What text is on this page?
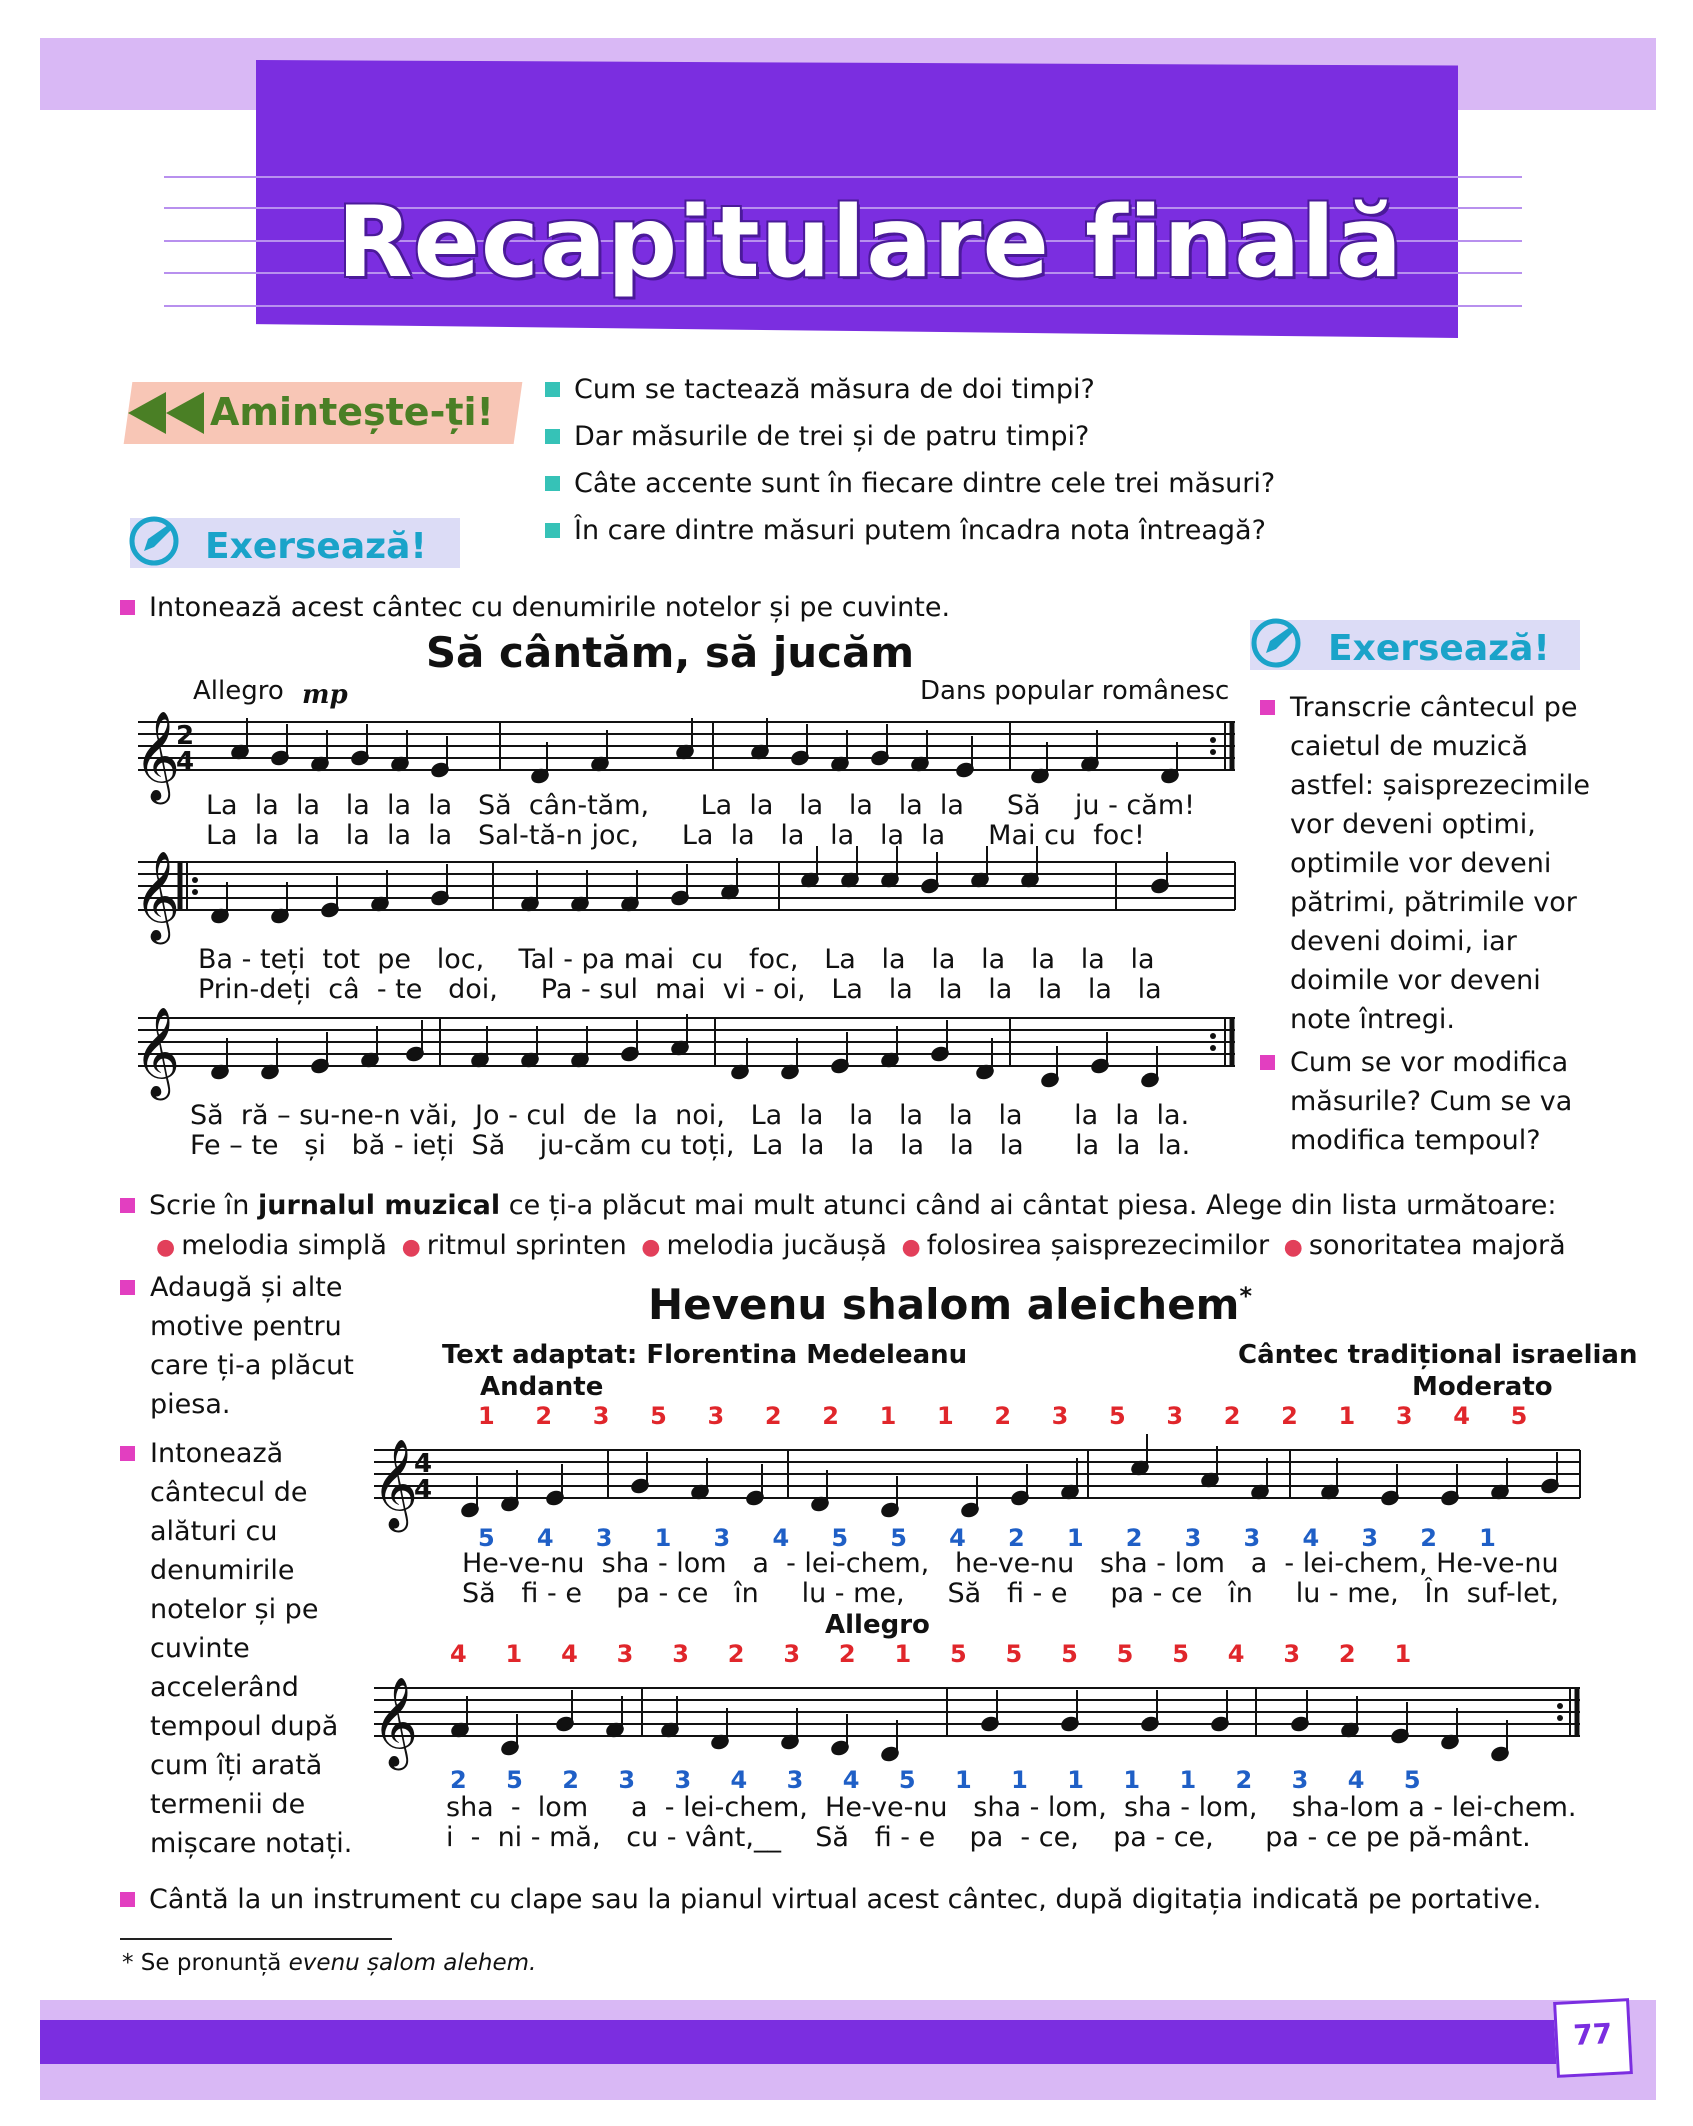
Recapitulare finală
Amintește-ți!
Cum se tactează măsura de doi timpi?
Dar măsurile de trei și de patru timpi?
Câte accente sunt în fiecare dintre cele trei măsuri?
În care dintre măsuri putem încadra nota întreagă?
Exersează!
Intonează acest cântec cu denumirile notelor și pe cuvinte.
Să cântăm, să jucăm
Allegro mp	Dans popular românesc
𝄞
𝄞
𝄞
2
4
La  la  la   la  la  la   Să  cân-tăm,      La  la   la   la   la  la     Să    ju - căm!
La  la  la   la  la  la   Sal-tă-n joc,     La  la   la   la   la  la     Mai cu  foc!
Ba - teți  tot  pe   loc,    Tal - pa mai  cu   foc,   La   la   la   la   la   la   la
Prin-deți  câ  - te   doi,     Pa - sul  mai  vi - oi,   La   la   la   la   la   la   la
Să  ră – su-ne-n văi,  Jo - cul  de  la  noi,   La  la   la   la   la   la      la  la  la.
Fe – te   și   bă - ieți  Să    ju-căm cu toți,  La  la   la   la   la   la      la  la  la.
Exersează!
Transcrie cântecul pe caietul de muzică astfel: șaisprezecimile vor deveni optimi, optimile vor deveni pătrimi, pătrimile vor deveni doimi, iar doimile vor deveni note întregi.
Cum se vor modifica măsurile? Cum se va modifica tempoul?
Scrie în jurnalul muzical ce ți-a plăcut mai mult atunci când ai cântat piesa. Alege din lista următoare:
● melodia simplă ● ritmul sprinten ● melodia jucăușă ● folosirea șaisprezecimilor ● sonoritatea majoră
Adaugă și alte motive pentru care ți-a plăcut piesa.
Intonează cântecul de alături cu denumirile notelor și pe cuvinte accelerând tempoul după cum îți arată termenii de mișcare notați.
Hevenu shalom aleichem*
Text adaptat: Florentina Medeleanu	Cântec tradițional israelian
Andante	Moderato
Allegro
1 2 3 5 3 2 2 1 1 2 3 5 3 2 2 1 3 4 5
5 4 3 1 3 4 5 5 4 2 1 2 3 3 4 3 2 1
4 1 4 3 3 2 3 2 1 5 5 5 5 5 4 3 2 1
2 5 2 3 3 4 3 4 5 1 1 1 1 1 2 3 4 5
𝄞
𝄞
4
4
He-ve-nu  sha - lom   a  - lei-chem,   he-ve-nu   sha - lom   a  - lei-chem, He-ve-nu
Să   fi - e    pa - ce   în     lu - me,     Să   fi - e     pa - ce   în     lu - me,   În  suf-let,
sha  -  lom     a  - lei-chem,  He-ve-nu   sha - lom,  sha - lom,    sha-lom a - lei-chem.
i  -  ni - mă,   cu - vânt,__    Să   fi - e    pa  - ce,    pa - ce,      pa - ce pe pă-mânt.
Cântă la un instrument cu clape sau la pianul virtual acest cântec, după digitația indicată pe portative.
* Se pronunță evenu șalom alehem.
77
